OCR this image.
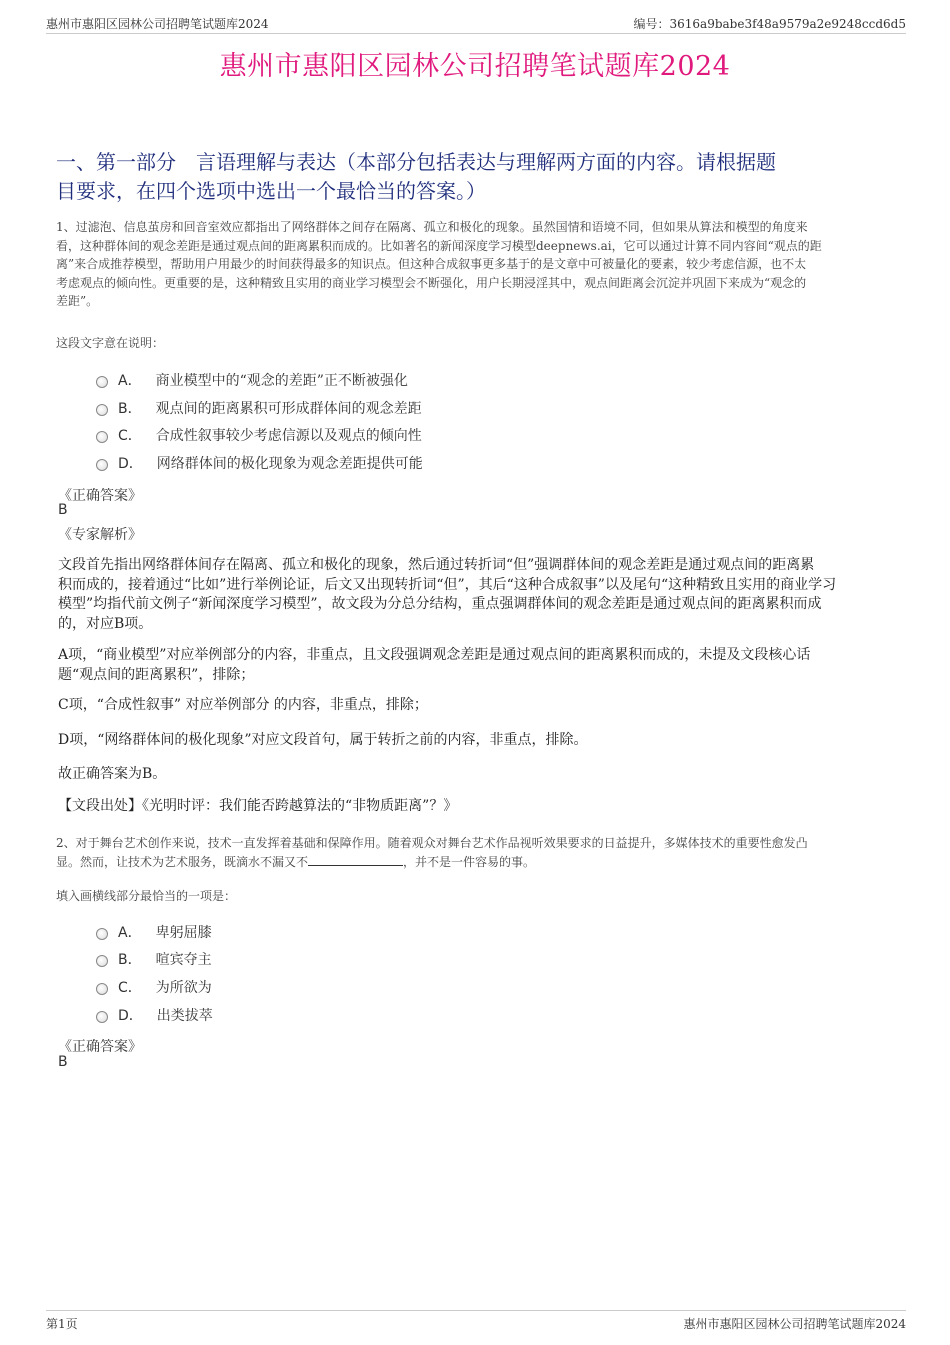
惠州市惠阳区园林公司招聘笔试题库2024	编号：3616a9babe3f48a9579a2e9248ccd6d5
惠州市惠阳区园林公司招聘笔试题库2024
一、第一部分　言语理解与表达（本部分包括表达与理解两方面的内容。请根据题
目要求，在四个选项中选出一个最恰当的答案。）
1、过滤泡、信息茧房和回音室效应都指出了网络群体之间存在隔离、孤立和极化的现象。虽然国情和语境不同，但如果从算法和模型的角度来
看，这种群体间的观念差距是通过观点间的距离累积而成的。比如著名的新闻深度学习模型deepnews.ai，它可以通过计算不同内容间“观点的距
离”来合成推荐模型，帮助用户用最少的时间获得最多的知识点。但这种合成叙事更多基于的是文章中可被量化的要素，较少考虑信源，也不太
考虑观点的倾向性。更重要的是，这种精致且实用的商业学习模型会不断强化，用户长期浸淫其中，观点间距离会沉淀并巩固下来成为“观念的
差距”。
这段文字意在说明：
A． 商业模型中的“观念的差距”正不断被强化
B． 观点间的距离累积可形成群体间的观念差距
C． 合成性叙事较少考虑信源以及观点的倾向性
D． 网络群体间的极化现象为观念差距提供可能
《正确答案》
B
《专家解析》
文段首先指出网络群体间存在隔离、孤立和极化的现象，然后通过转折词“但”强调群体间的观念差距是通过观点间的距离累
积而成的，接着通过“比如”进行举例论证，后文又出现转折词“但”，其后“这种合成叙事”以及尾句“这种精致且实用的商业学习
模型”均指代前文例子“新闻深度学习模型”，故文段为分总分结构，重点强调群体间的观念差距是通过观点间的距离累积而成
的，对应B项。
A项，“商业模型”对应举例部分的内容，非重点，且文段强调观念差距是通过观点间的距离累积而成的，未提及文段核心话
题“观点间的距离累积”，排除；
C项，“合成性叙事” 对应举例部分 的内容，非重点，排除；
D项，“网络群体间的极化现象”对应文段首句，属于转折之前的内容，非重点，排除。
故正确答案为B。
【文段出处】《光明时评：我们能否跨越算法的“非物质距离”？》
2、对于舞台艺术创作来说，技术一直发挥着基础和保障作用。随着观众对舞台艺术作品视听效果要求的日益提升，多媒体技术的重要性愈发凸
显。然而，让技术为艺术服务，既滴水不漏又不	，并不是一件容易的事。
填入画横线部分最恰当的一项是：
A． 卑躬屈膝
B． 喧宾夺主
C． 为所欲为
D． 出类拔萃
《正确答案》
B
第1页	惠州市惠阳区园林公司招聘笔试题库2024
